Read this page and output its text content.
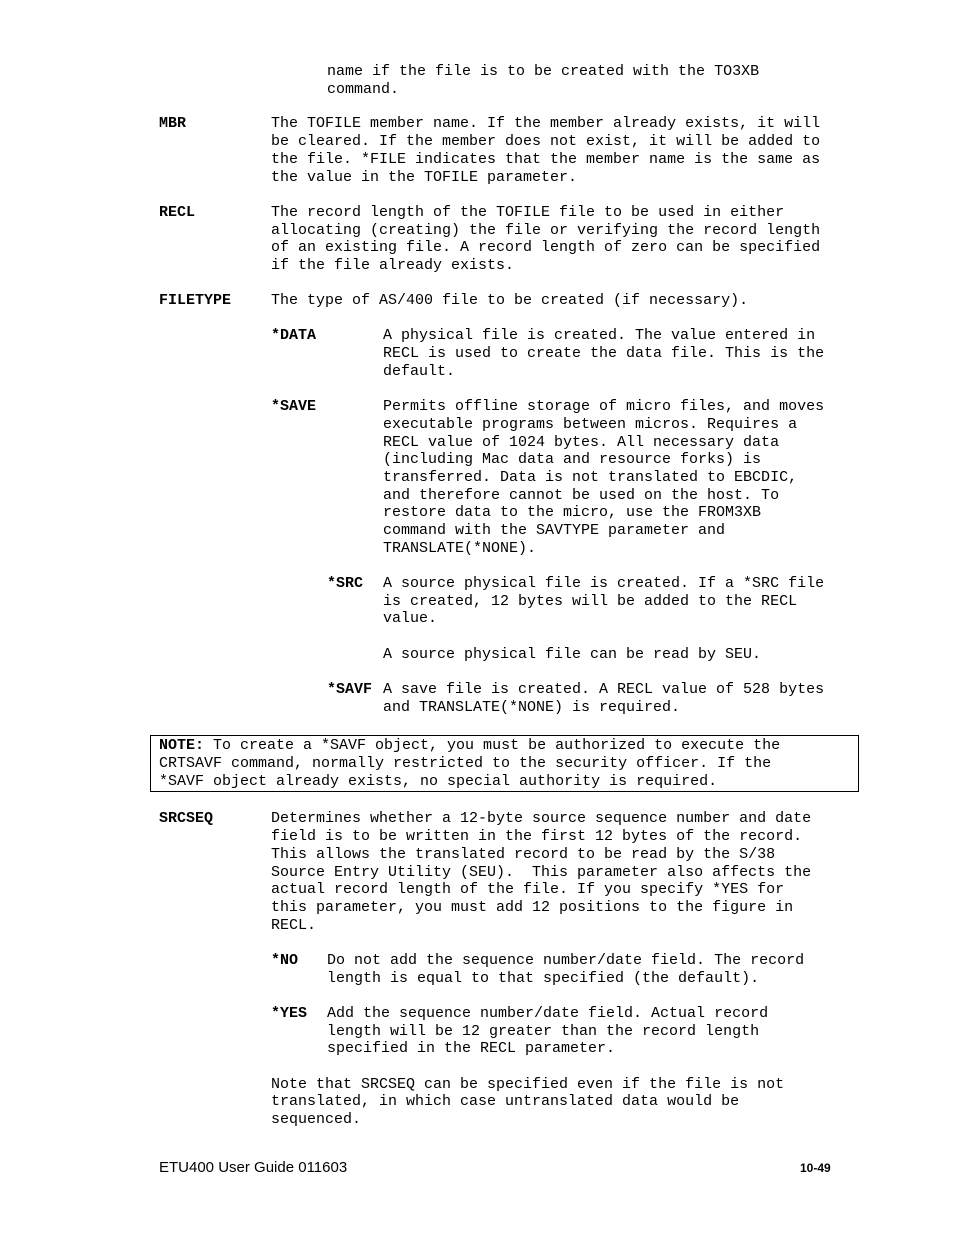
name if the file is to be created with the TO3XB
command.
MBR	The TOFILE member name. If the member already exists, it will
be cleared. If the member does not exist, it will be added to
the file. *FILE indicates that the member name is the same as
the value in the TOFILE parameter.
RECL	The record length of the TOFILE file to be used in either
allocating (creating) the file or verifying the record length
of an existing file. A record length of zero can be specified
if the file already exists.
FILETYPE	The type of AS/400 file to be created (if necessary).
*DATA	A physical file is created. The value entered in
RECL is used to create the data file. This is the
default.
*SAVE	Permits offline storage of micro files, and moves
executable programs between micros. Requires a
RECL value of 1024 bytes. All necessary data
(including Mac data and resource forks) is
transferred. Data is not translated to EBCDIC,
and therefore cannot be used on the host. To
restore data to the micro, use the FROM3XB
command with the SAVTYPE parameter and
TRANSLATE(*NONE).
*SRC A source physical file is created. If a *SRC file
is created, 12 bytes will be added to the RECL
value.
A source physical file can be read by SEU.
*SAVF A save file is created. A RECL value of 528 bytes
and TRANSLATE(*NONE) is required.
NOTE: To create a *SAVF object, you must be authorized to execute the
CRTSAVF command, normally restricted to the security officer. If the
*SAVF object already exists, no special authority is required.
SRCSEQ	Determines whether a 12-byte source sequence number and date
field is to be written in the first 12 bytes of the record.
This allows the translated record to be read by the S/38
Source Entry Utility (SEU).  This parameter also affects the
actual record length of the file. If you specify *YES for
this parameter, you must add 12 positions to the figure in
RECL.
*NO Do not add the sequence number/date field. The record
length is equal to that specified (the default).
*YES Add the sequence number/date field. Actual record
length will be 12 greater than the record length
specified in the RECL parameter.
Note that SRCSEQ can be specified even if the file is not
translated, in which case untranslated data would be
sequenced.
ETU400 User Guide 011603	10-49
